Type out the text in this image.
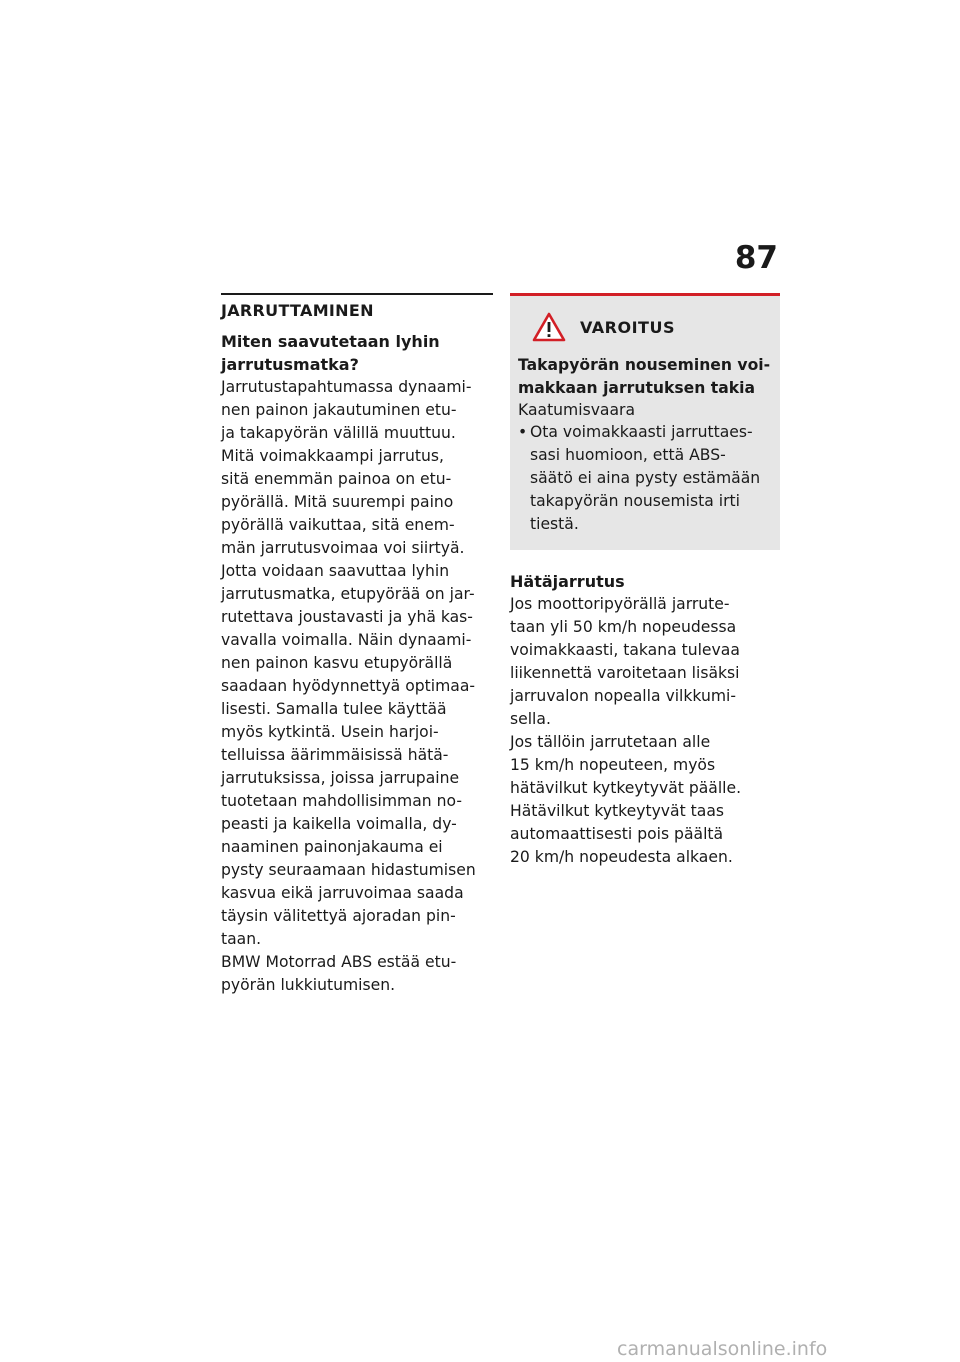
87
JARRUTTAMINEN
Miten saavutetaan lyhin
jarrutusmatka?
Jarrutustapahtumassa dynaami-
nen painon jakautuminen etu-
ja takapyörän välillä muuttuu.
Mitä voimakkaampi jarrutus,
sitä enemmän painoa on etu-
pyörällä. Mitä suurempi paino
pyörällä vaikuttaa, sitä enem-
män jarrutusvoimaa voi siirtyä.
Jotta voidaan saavuttaa lyhin
jarrutusmatka, etupyörää on jar-
rutettava joustavasti ja yhä kas-
vavalla voimalla. Näin dynaami-
nen painon kasvu etupyörällä
saadaan hyödynnettyä optimaa-
lisesti. Samalla tulee käyttää
myös kytkintä. Usein harjoi-
telluissa äärimmäisissä hätä-
jarrutuksissa, joissa jarrupaine
tuotetaan mahdollisimman no-
peasti ja kaikella voimalla, dy-
naaminen painonjakauma ei
pysty seuraamaan hidastumisen
kasvua eikä jarruvoimaa saada
täysin välitettyä ajoradan pin-
taan.
BMW Motorrad ABS estää etu-
pyörän lukkiutumisen.
VAROITUS
Takapyörän nouseminen voi-
makkaan jarrutuksen takia
Kaatumisvaara
• Ota voimakkaasti jarruttaes-
sasi huomioon, että ABS-
säätö ei aina pysty estämään
takapyörän nousemista irti
tiestä.
Hätäjarrutus
Jos moottoripyörällä jarrute-
taan yli 50 km/h nopeudessa
voimakkaasti, takana tulevaa
liikennettä varoitetaan lisäksi
jarruvalon nopealla vilkkumi-
sella.
Jos tällöin jarrutetaan alle
15 km/h nopeuteen, myös
hätävilkut kytkeytyvät päälle.
Hätävilkut kytkeytyvät taas
automaattisesti pois päältä
20 km/h nopeudesta alkaen.
carmanualsonline.info
